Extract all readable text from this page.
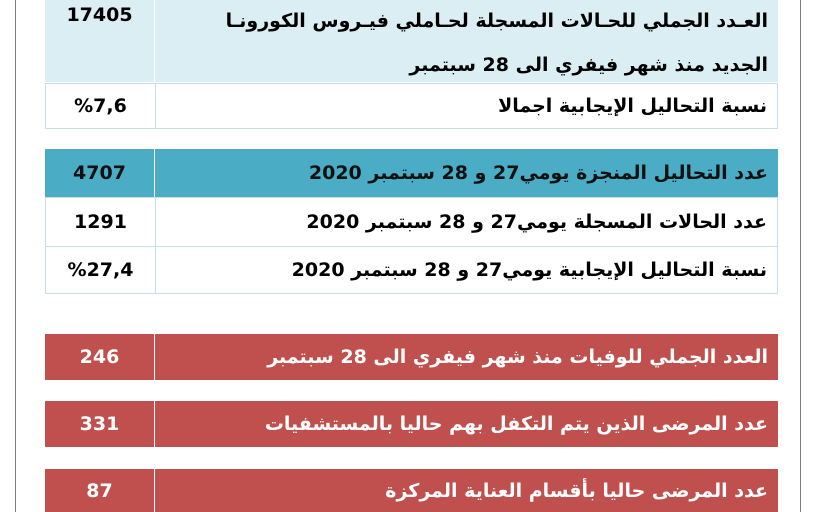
17405	العـدد الجملي للحـالات المسجلة لحـاملي فيـروس الكورونـا
الجديد منذ شهر فيفري الى 28 سبتمبر
%7,6	نسبة التحاليل الإيجابية اجمالا
4707	عدد التحاليل المنجزة يومي27 و 28 سبتمبر 2020
1291	عدد الحالات المسجلة يومي27 و 28 سبتمبر 2020
%27,4	نسبة التحاليل الإيجابية يومي27 و 28 سبتمبر 2020
246	العدد الجملي للوفيات منذ شهر فيفري الى 28 سبتمبر
331	عدد المرضى الذين يتم التكفل بهم حاليا بالمستشفيات
87	عدد المرضى حاليا بأقسام العناية المركزة
